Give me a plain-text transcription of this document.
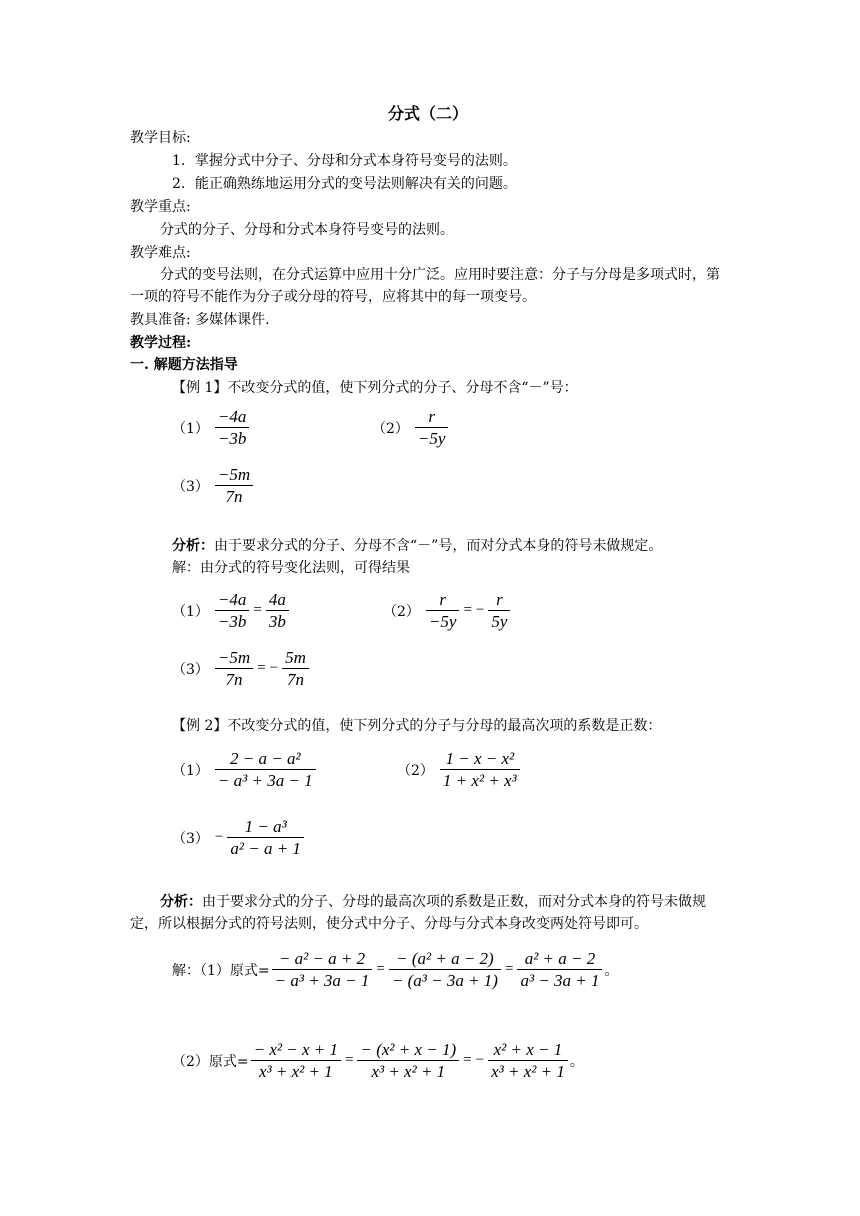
分式（二）
教学目标:
1．掌握分式中分子、分母和分式本身符号变号的法则。
2．能正确熟练地运用分式的变号法则解决有关的问题。
教学重点:
分式的分子、分母和分式本身符号变号的法则。
教学难点:
分式的变号法则，在分式运算中应用十分广泛。应用时要注意：分子与分母是多项式时，第一项的符号不能作为分子或分母的符号，应将其中的每一项变号。
教具准备: 多媒体课件.
教学过程:
一. 解题方法指导
【例 1】不改变分式的值，使下列分式的分子、分母不含“－”号：
$(1) \frac{-4a}{-3b}$	$(2) \frac{r}{-5y}$
$(3) \frac{-5m}{7n}$
分析：由于要求分式的分子、分母不含“－”号，而对分式本身的符号未做规定。
解：由分式的符号变化法则，可得结果
$(1) \frac{-4a}{-3b} = \frac{4a}{3b}$	$(2) \frac{r}{-5y}$ = − $\frac{r}{5y}$
$(3) \frac{-5m}{7n}$ = − $\frac{5m}{7n}$
【例 2】不改变分式的值，使下列分式的分子与分母的最高次项的系数是正数：
$(1) \frac{\text{2 − a − a²}}{\text{− a³ + 3a − 1}}$	$(2) \frac{\text{1 − x − x²}}{\text{1 + x² + x³}}$
$(3) - \frac{\text{1 − a³}}{\text{a² − a + 1}}$
分析：由于要求分式的分子、分母的最高次项的系数是正数，而对分式本身的符号未做规定，所以根据分式的符号法则，使分式中分子、分母与分式本身改变两处符号即可。
解：（1）原式= $\frac{\text{− a² − a + 2}}{\text{− a³ + 3a − 1}} = \frac{\text{− (a² + a − 2)}}{\text{− (a³ − 3a + 1)}} = \frac{\text{a² + a − 2}}{\text{a³ − 3a + 1}}$ 。
（2）原式= $\frac{\text{− x² − x + 1}}{\text{x³ + x² + 1}} = \frac{\text{− (x² + x − 1)}}{\text{x³ + x² + 1}}$ = − $\frac{\text{x² + x − 1}}{\text{x³ + x² + 1}}$ 。
